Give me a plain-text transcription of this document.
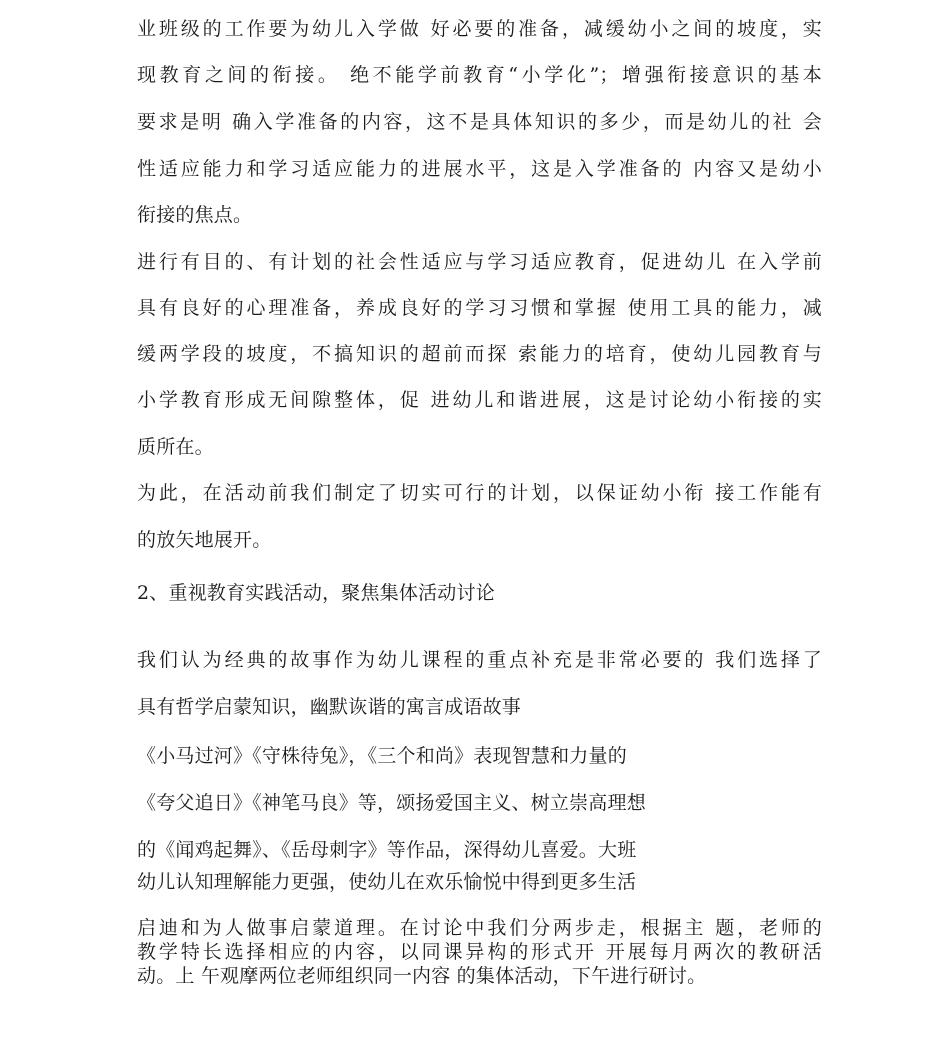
业班级的工作要为幼儿入学做 好必要的准备，减缓幼小之间的坡度，实
现教育之间的衔接。 绝不能学前教育“小学化”；增强衔接意识的基本
要求是明 确入学准备的内容，这不是具体知识的多少，而是幼儿的社 会
性适应能力和学习适应能力的进展水平，这是入学准备的 内容又是幼小
衔接的焦点。
进行有目的、有计划的社会性适应与学习适应教育，促进幼儿 在入学前
具有良好的心理准备，养成良好的学习习惯和掌握 使用工具的能力，减
缓两学段的坡度，不搞知识的超前而探 索能力的培育，使幼儿园教育与
小学教育形成无间隙整体，促 进幼儿和谐进展，这是讨论幼小衔接的实
质所在。
为此，在活动前我们制定了切实可行的计划，以保证幼小衔 接工作能有
的放矢地展开。
2、重视教育实践活动，聚焦集体活动讨论
我们认为经典的故事作为幼儿课程的重点补充是非常必要的 我们选择了
具有哲学启蒙知识，幽默诙谐的寓言成语故事
《小马过河》《守株待兔》，《三个和尚》表现智慧和力量的
《夸父追日》《神笔马良》等，颂扬爱国主义、树立崇高理想
的《闻鸡起舞》、《岳母刺字》等作品，深得幼儿喜爱。大班
幼儿认知理解能力更强，使幼儿在欢乐愉悦中得到更多生活
启迪和为人做事启蒙道理。在讨论中我们分两步走，根据主 题，老师的
教学特长选择相应的内容，以同课异构的形式开 开展每月两次的教研活
动。上 午观摩两位老师组织同一内容 的集体活动，下午进行研讨。
